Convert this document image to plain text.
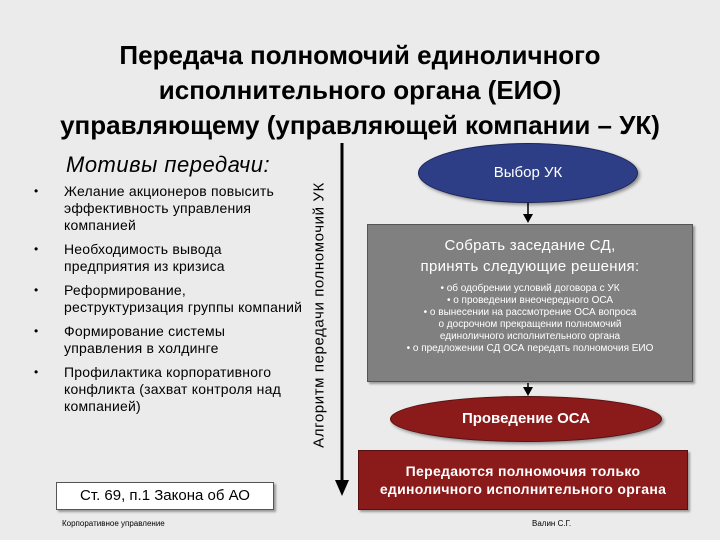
Передача полномочий единоличного
исполнительного органа (ЕИО)
управляющему (управляющей компании – УК)
Мотивы передачи:
• Желание акционеров повысить эффективность управления компанией
• Необходимость вывода предприятия из кризиса
• Реформирование, реструктуризация группы компаний
• Формирование системы управления в холдинге
• Профилактика корпоративного конфликта (захват контроля над компанией)
Ст. 69, п.1 Закона об АО
Алгоритм передачи полномочий УК
Выбор УК
Собрать заседание СД,
принять следующие решения:
• об одобрении условий договора с УК
• о проведении внеочередного ОСА
• о вынесении на рассмотрение ОСА вопроса
о досрочном прекращении полномочий
единоличного исполнительного органа
• о предложении СД ОСА передать полномочия ЕИО
Проведение ОСА
Передаются полномочия только
единоличного исполнительного органа
Корпоративное управление	Валин С.Г.
